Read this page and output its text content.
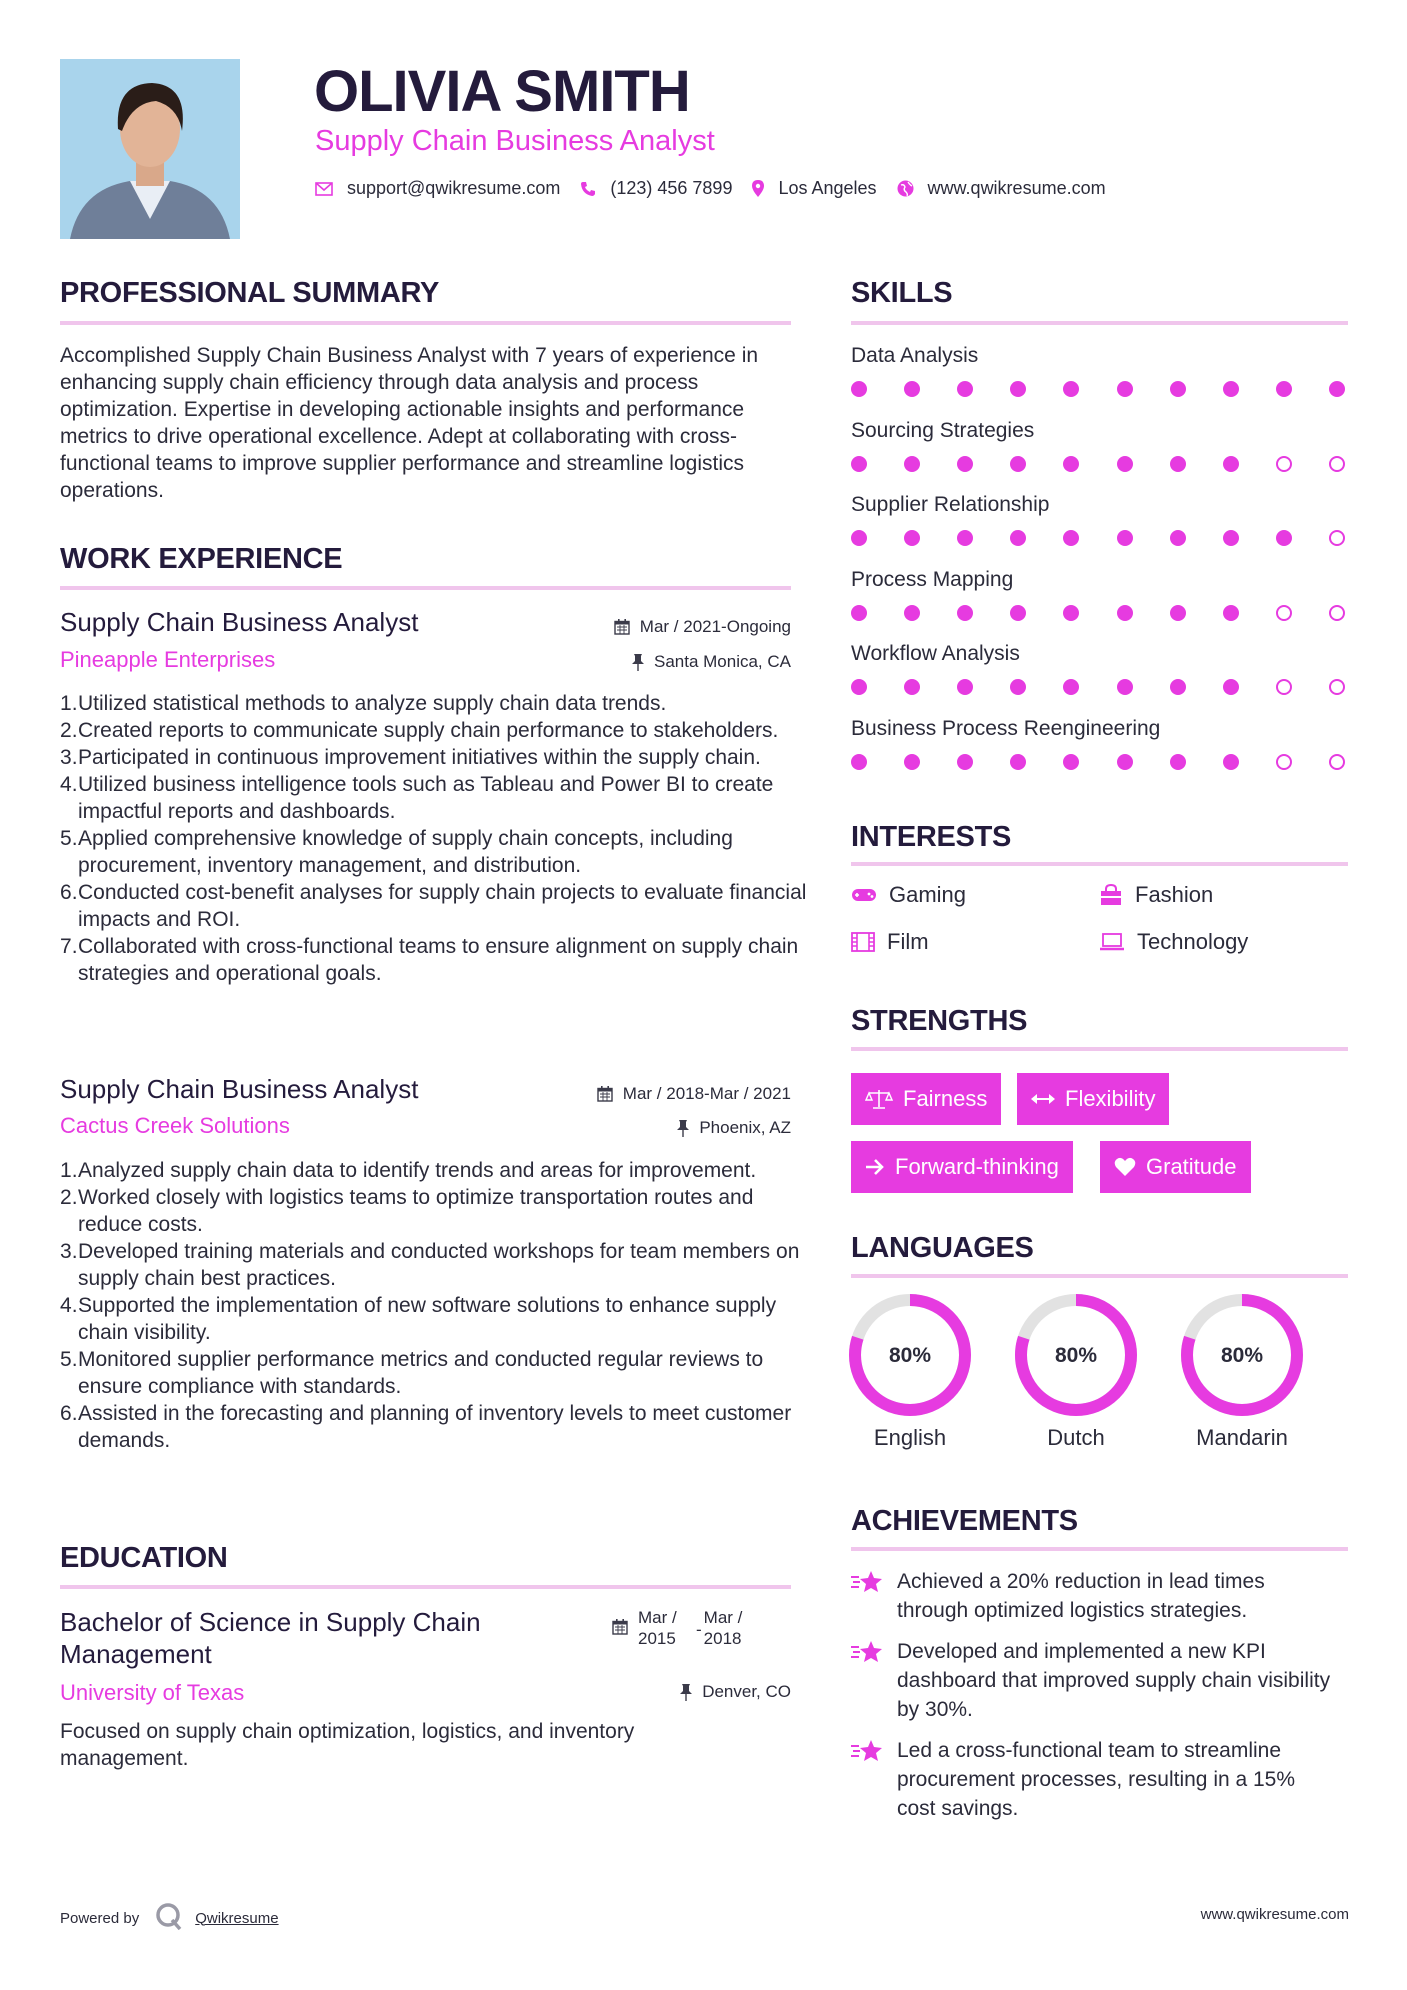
OLIVIA SMITH
Supply Chain Business Analyst
support@qwikresume.com	(123) 456 7899	Los Angeles	www.qwikresume.com
PROFESSIONAL SUMMARY
Accomplished Supply Chain Business Analyst with 7 years of experience in enhancing supply chain efficiency through data analysis and process optimization. Expertise in developing actionable insights and performance metrics to drive operational excellence. Adept at collaborating with cross-functional teams to improve supplier performance and streamline logistics operations.
WORK EXPERIENCE
Supply Chain Business Analyst	Mar / 2021-Ongoing
Pineapple Enterprises	Santa Monica, CA
Utilized statistical methods to analyze supply chain data trends.
Created reports to communicate supply chain performance to stakeholders.
Participated in continuous improvement initiatives within the supply chain.
Utilized business intelligence tools such as Tableau and Power BI to create impactful reports and dashboards.
Applied comprehensive knowledge of supply chain concepts, including procurement, inventory management, and distribution.
Conducted cost-benefit analyses for supply chain projects to evaluate financial impacts and ROI.
Collaborated with cross-functional teams to ensure alignment on supply chain strategies and operational goals.
Supply Chain Business Analyst	Mar / 2018-Mar / 2021
Cactus Creek Solutions	Phoenix, AZ
Analyzed supply chain data to identify trends and areas for improvement.
Worked closely with logistics teams to optimize transportation routes and reduce costs.
Developed training materials and conducted workshops for team members on supply chain best practices.
Supported the implementation of new software solutions to enhance supply chain visibility.
Monitored supplier performance metrics and conducted regular reviews to ensure compliance with standards.
Assisted in the forecasting and planning of inventory levels to meet customer demands.
EDUCATION
Bachelor of Science in Supply Chain
Management
Mar /
2015	-
Mar /
2018
University of Texas	Denver, CO
Focused on supply chain optimization, logistics, and inventory management.
SKILLS
Data Analysis
Sourcing Strategies
Supplier Relationship
Process Mapping
Workflow Analysis
Business Process Reengineering
INTERESTS
Gaming	Fashion
Film	Technology
STRENGTHS
Fairness	Flexibility
Forward-thinking	Gratitude
LANGUAGES
80%
English
80%
Dutch
80%
Mandarin
ACHIEVEMENTS
Achieved a 20% reduction in lead times through optimized logistics strategies.
Developed and implemented a new KPI dashboard that improved supply chain visibility by 30%.
Led a cross-functional team to streamline procurement processes, resulting in a 15% cost savings.
Powered by	Qwikresume	www.qwikresume.com
